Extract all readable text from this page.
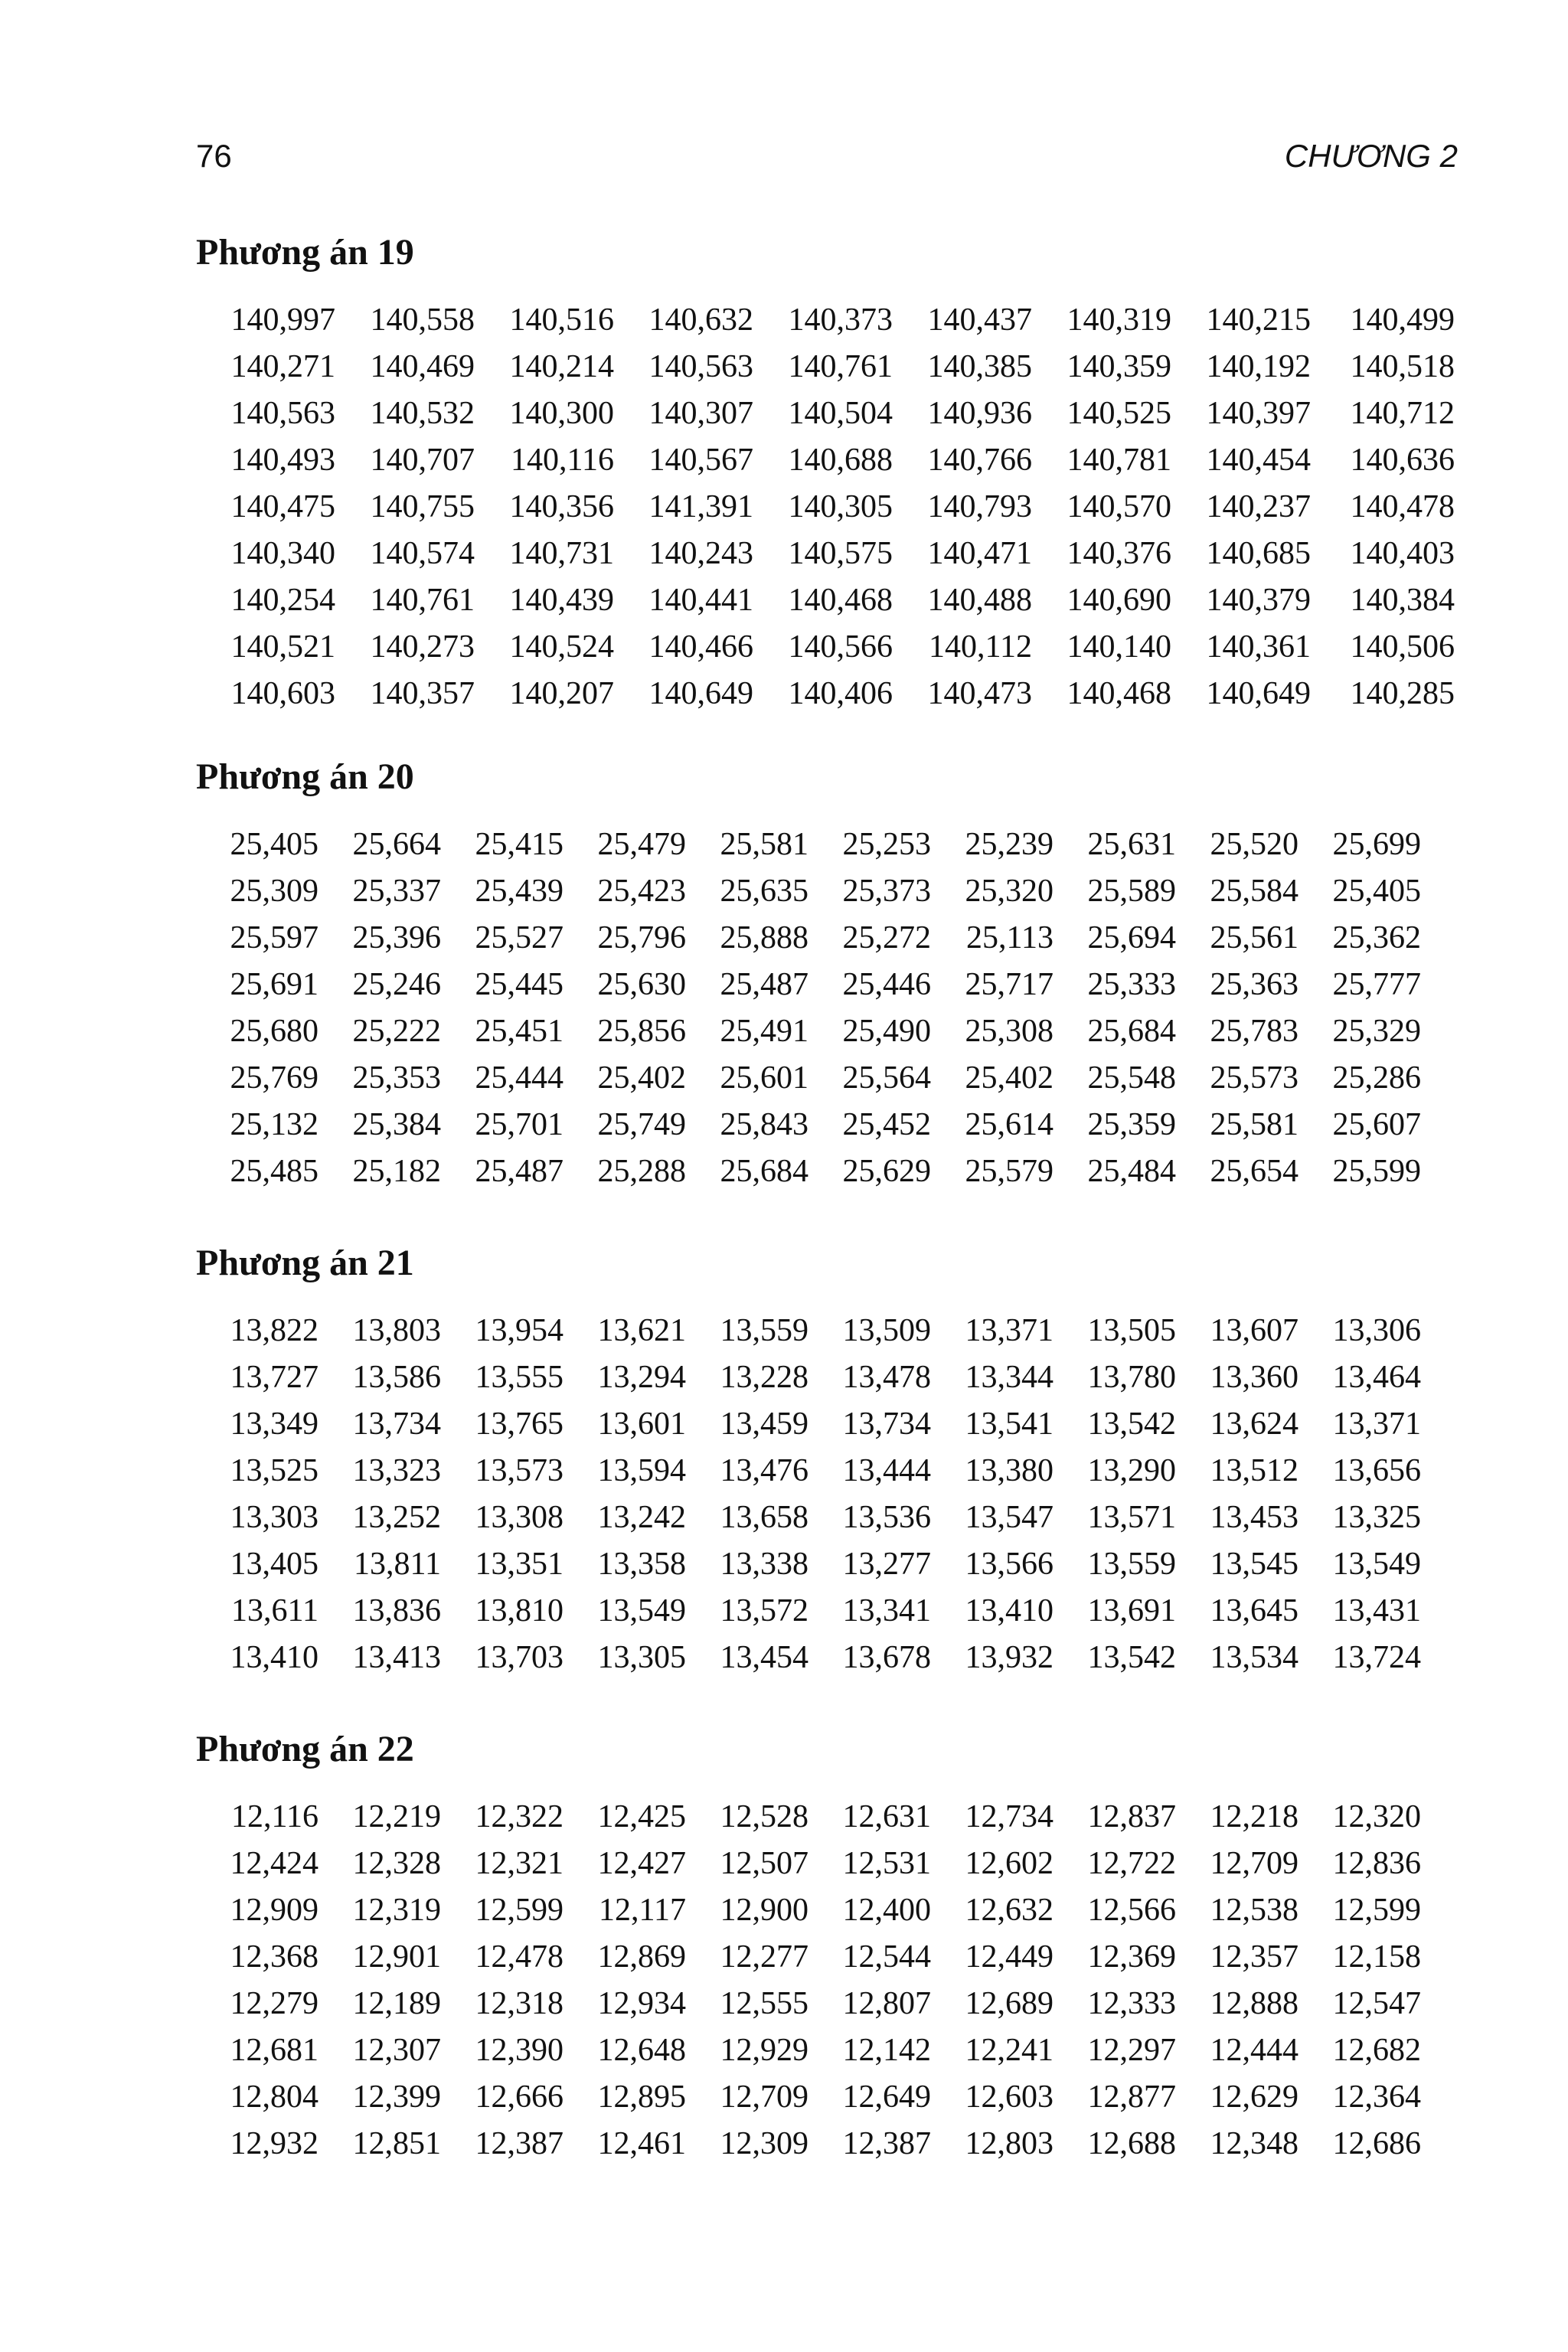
76	CHƯƠNG 2
Phương án 19
140,997	140,558	140,516	140,632	140,373	140,437	140,319	140,215	140,499
140,271	140,469	140,214	140,563	140,761	140,385	140,359	140,192	140,518
140,563	140,532	140,300	140,307	140,504	140,936	140,525	140,397	140,712
140,493	140,707	140,116	140,567	140,688	140,766	140,781	140,454	140,636
140,475	140,755	140,356	141,391	140,305	140,793	140,570	140,237	140,478
140,340	140,574	140,731	140,243	140,575	140,471	140,376	140,685	140,403
140,254	140,761	140,439	140,441	140,468	140,488	140,690	140,379	140,384
140,521	140,273	140,524	140,466	140,566	140,112	140,140	140,361	140,506
140,603	140,357	140,207	140,649	140,406	140,473	140,468	140,649	140,285
Phương án 20
25,405	25,664	25,415	25,479	25,581	25,253	25,239	25,631	25,520	25,699
25,309	25,337	25,439	25,423	25,635	25,373	25,320	25,589	25,584	25,405
25,597	25,396	25,527	25,796	25,888	25,272	25,113	25,694	25,561	25,362
25,691	25,246	25,445	25,630	25,487	25,446	25,717	25,333	25,363	25,777
25,680	25,222	25,451	25,856	25,491	25,490	25,308	25,684	25,783	25,329
25,769	25,353	25,444	25,402	25,601	25,564	25,402	25,548	25,573	25,286
25,132	25,384	25,701	25,749	25,843	25,452	25,614	25,359	25,581	25,607
25,485	25,182	25,487	25,288	25,684	25,629	25,579	25,484	25,654	25,599
Phương án 21
13,822	13,803	13,954	13,621	13,559	13,509	13,371	13,505	13,607	13,306
13,727	13,586	13,555	13,294	13,228	13,478	13,344	13,780	13,360	13,464
13,349	13,734	13,765	13,601	13,459	13,734	13,541	13,542	13,624	13,371
13,525	13,323	13,573	13,594	13,476	13,444	13,380	13,290	13,512	13,656
13,303	13,252	13,308	13,242	13,658	13,536	13,547	13,571	13,453	13,325
13,405	13,811	13,351	13,358	13,338	13,277	13,566	13,559	13,545	13,549
13,611	13,836	13,810	13,549	13,572	13,341	13,410	13,691	13,645	13,431
13,410	13,413	13,703	13,305	13,454	13,678	13,932	13,542	13,534	13,724
Phương án 22
12,116	12,219	12,322	12,425	12,528	12,631	12,734	12,837	12,218	12,320
12,424	12,328	12,321	12,427	12,507	12,531	12,602	12,722	12,709	12,836
12,909	12,319	12,599	12,117	12,900	12,400	12,632	12,566	12,538	12,599
12,368	12,901	12,478	12,869	12,277	12,544	12,449	12,369	12,357	12,158
12,279	12,189	12,318	12,934	12,555	12,807	12,689	12,333	12,888	12,547
12,681	12,307	12,390	12,648	12,929	12,142	12,241	12,297	12,444	12,682
12,804	12,399	12,666	12,895	12,709	12,649	12,603	12,877	12,629	12,364
12,932	12,851	12,387	12,461	12,309	12,387	12,803	12,688	12,348	12,686
